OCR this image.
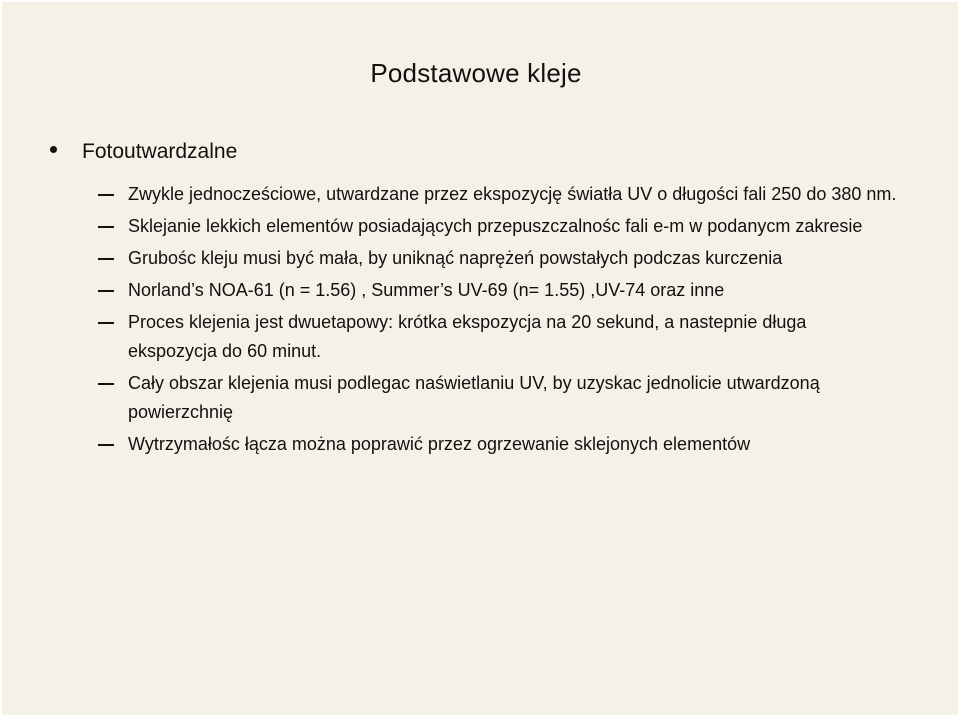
Podstawowe kleje
Fotoutwardzalne
Zwykle jednocześciowe, utwardzane przez ekspozycję światła UV o długości fali 250 do 380 nm.
Sklejanie lekkich elementów posiadających przepuszczalnośc fali e-m w podanycm zakresie
Grubośc kleju musi być mała, by uniknąć naprężeń powstałych podczas kurczenia
Norland’s NOA-61 (n = 1.56) , Summer’s UV-69 (n= 1.55) ,UV-74 oraz inne
Proces klejenia jest dwuetapowy: krótka ekspozycja na 20 sekund, a nastepnie długa ekspozycja do 60 minut.
Cały obszar klejenia musi podlegac naświetlaniu UV, by uzyskac jednolicie utwardzoną powierzchnię
Wytrzymałośc łącza można poprawić przez ogrzewanie sklejonych elementów
